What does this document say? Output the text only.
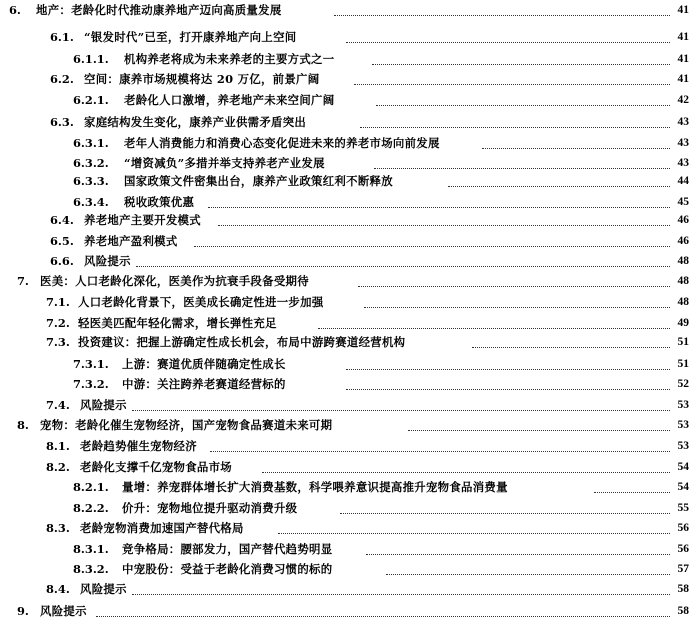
6. 地产：老龄化时代推动康养地产迈向高质量发展	41
6.1. “银发时代”已至，打开康养地产向上空间	41
6.1.1. 机构养老将成为未来养老的主要方式之一	41
6.2. 空间：康养市场规模将达 20 万亿，前景广阔	41
6.2.1. 老龄化人口激增，养老地产未来空间广阔	42
6.3. 家庭结构发生变化，康养产业供需矛盾突出	43
6.3.1. 老年人消费能力和消费心态变化促进未来的养老市场向前发展	43
6.3.2. “增资减负”多措并举支持养老产业发展	43
6.3.3. 国家政策文件密集出台，康养产业政策红利不断释放	44
6.3.4. 税收政策优惠	45
6.4. 养老地产主要开发模式	46
6.5. 养老地产盈利模式	46
6.6. 风险提示	48
7. 医美：人口老龄化深化，医美作为抗衰手段备受期待	48
7.1. 人口老龄化背景下，医美成长确定性进一步加强	48
7.2. 轻医美匹配年轻化需求，增长弹性充足	49
7.3. 投资建议：把握上游确定性成长机会，布局中游跨赛道经营机构	51
7.3.1. 上游：赛道优质伴随确定性成长	51
7.3.2. 中游：关注跨养老赛道经营标的	52
7.4. 风险提示	53
8. 宠物：老龄化催生宠物经济，国产宠物食品赛道未来可期	53
8.1. 老龄趋势催生宠物经济	53
8.2. 老龄化支撑千亿宠物食品市场	54
8.2.1. 量增：养宠群体增长扩大消费基数，科学喂养意识提高推升宠物食品消费量	54
8.2.2. 价升：宠物地位提升驱动消费升级	55
8.3. 老龄宠物消费加速国产替代格局	56
8.3.1. 竞争格局：腰部发力，国产替代趋势明显	56
8.3.2. 中宠股份：受益于老龄化消费习惯的标的	57
8.4. 风险提示	58
9. 风险提示	58
